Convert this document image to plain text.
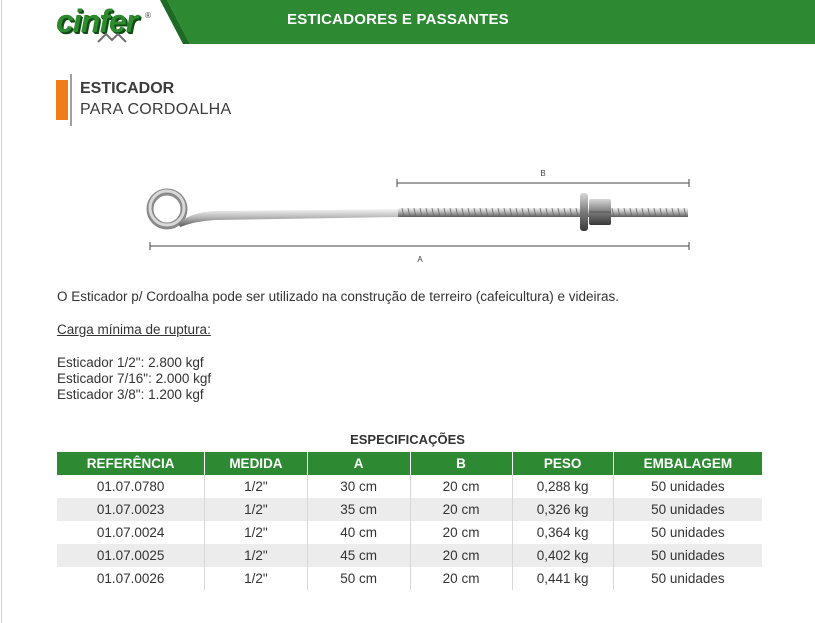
cinfer ®	ESTICADORES E PASSANTES
ESTICADOR
PARA CORDOALHA
B
A
O Esticador p/ Cordoalha pode ser utilizado na construção de terreiro (cafeicultura) e videiras.
Carga mínima de ruptura:
Esticador 1/2": 2.800 kgf
Esticador 7/16": 2.000 kgf
Esticador 3/8": 1.200 kgf
ESPECIFICAÇÕES
REFERÊNCIA	MEDIDA	A	B	PESO	EMBALAGEM
01.07.0780	1/2"	30 cm	20 cm	0,288 kg	50 unidades
01.07.0023	1/2"	35 cm	20 cm	0,326 kg	50 unidades
01.07.0024	1/2"	40 cm	20 cm	0,364 kg	50 unidades
01.07.0025	1/2"	45 cm	20 cm	0,402 kg	50 unidades
01.07.0026	1/2"	50 cm	20 cm	0,441 kg	50 unidades
